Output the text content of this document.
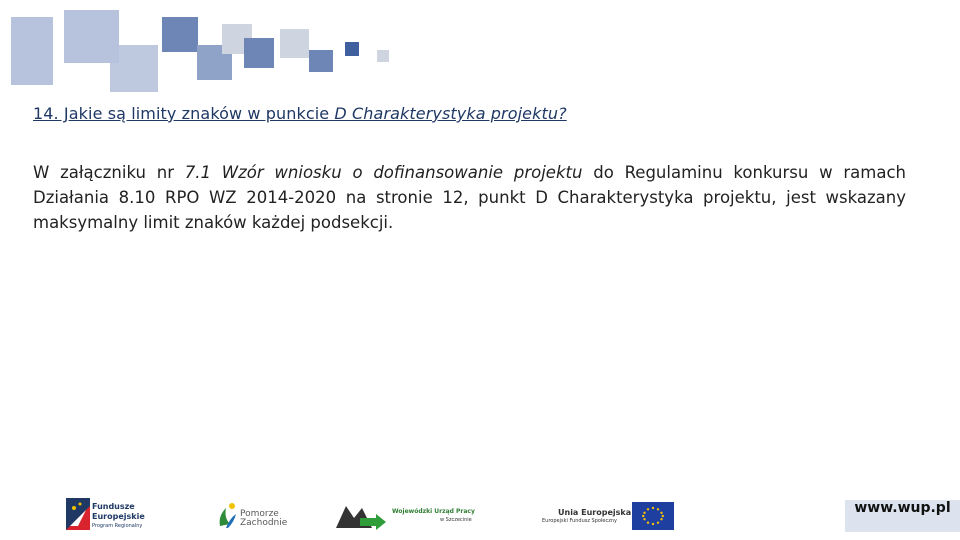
14. Jakie są limity znaków w punkcie D Charakterystyka projektu?
W załączniku nr 7.1 Wzór wniosku o dofinansowanie projektu do Regulaminu konkursu w ramach Działania 8.10 RPO WZ 2014-2020 na stronie 12, punkt D Charakterystyka projektu, jest wskazany maksymalny limit znaków każdej podsekcji.
Fundusze
Europejskie
Program Regionalny
Pomorze
Zachodnie
Wojewódzki Urząd Pracy
w Szczecinie
Unia Europejska
Europejski Fundusz Społeczny
www.wup.pl
